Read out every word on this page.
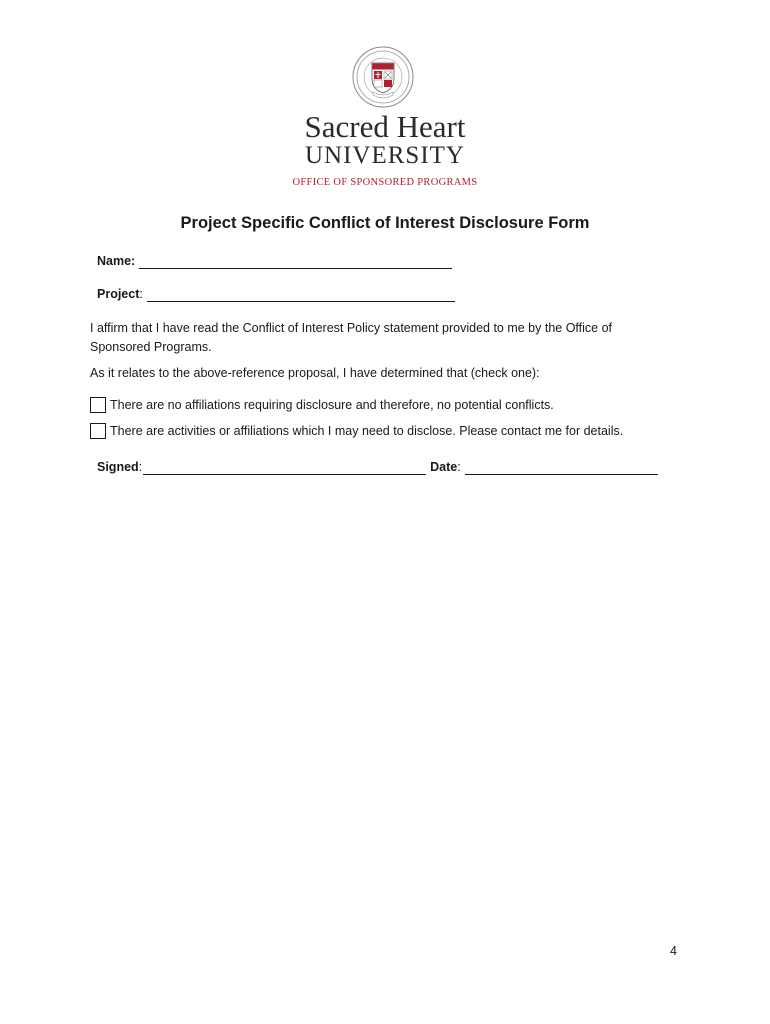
Sacred Heart
UNIVERSITY
OFFICE OF SPONSORED PROGRAMS
Project Specific Conflict of Interest Disclosure Form
Name:
Project :
I affirm that I have read the Conflict of Interest Policy statement provided to me by the Office of Sponsored Programs.
As it relates to the above-reference proposal, I have determined that (check one):
There are no affiliations requiring disclosure and therefore, no potential conflicts.
There are activities or affiliations which I may need to disclose. Please contact me for details.
Signed :	Date :
4
